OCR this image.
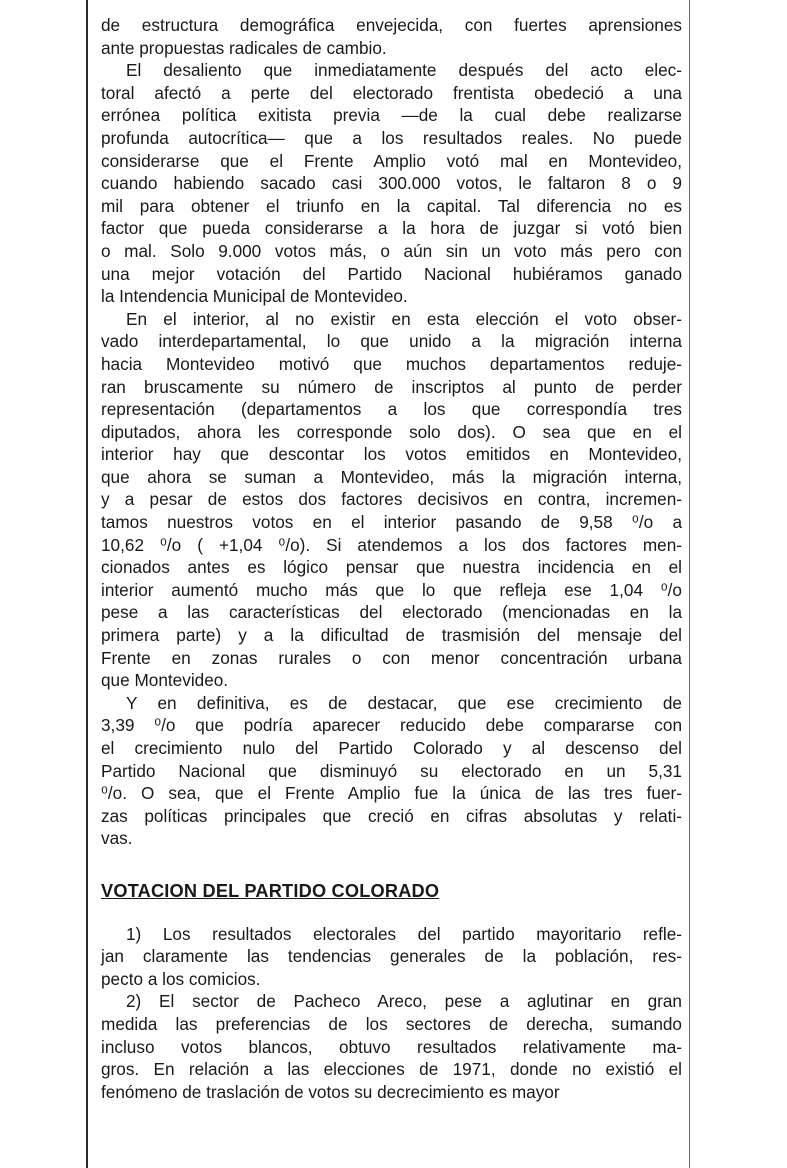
de estructura demográfica envejecida, con fuertes aprensiones
ante propuestas radicales de cambio.

El desaliento que inmediatamente después del acto elec-
toral afectó a perte del electorado frentista obedeció a una
errónea política exitista previa —de la cual debe realizarse
profunda autocrítica— que a los resultados reales. No puede
considerarse que el Frente Amplio votó mal en Montevideo,
cuando habiendo sacado casi 300.000 votos, le faltaron 8 o 9
mil para obtener el triunfo en la capital. Tal diferencia no es
factor que pueda considerarse a la hora de juzgar si votó bien
o mal. Solo 9.000 votos más, o aún sin un voto más pero con
una mejor votación del Partido Nacional hubiéramos ganado
la Intendencia Municipal de Montevideo.

En el interior, al no existir en esta elección el voto obser-
vado interdepartamental, lo que unido a la migración interna
hacia Montevideo motivó que muchos departamentos reduje-
ran bruscamente su número de inscriptos al punto de perder
representación (departamentos a los que correspondía tres
diputados, ahora les corresponde solo dos). O sea que en el
interior hay que descontar los votos emitidos en Montevideo,
que ahora se suman a Montevideo, más la migración interna,
y a pesar de estos dos factores decisivos en contra, incremen-
tamos nuestros votos en el interior pasando de 9,58 ⁰/o a
10,62 ⁰/o ( +1,04 ⁰/o). Si atendemos a los dos factores men-
cionados antes es lógico pensar que nuestra incidencia en el
interior aumentó mucho más que lo que refleja ese 1,04 ⁰/o
pese a las características del electorado (mencionadas en la
primera parte) y a la dificultad de trasmisión del mensaje del
Frente en zonas rurales o con menor concentración urbana
que Montevideo.

Y en definitiva, es de destacar, que ese crecimiento de
3,39 ⁰/o que podría aparecer reducido debe compararse con
el crecimiento nulo del Partido Colorado y al descenso del
Partido Nacional que disminuyó su electorado en un 5,31
⁰/o. O sea, que el Frente Amplio fue la única de las tres fuer-
zas políticas principales que creció en cifras absolutas y relati-
vas.

VOTACION DEL PARTIDO COLORADO

1) Los resultados electorales del partido mayoritario refle-
jan claramente las tendencias generales de la población, res-
pecto a los comicios.

2) El sector de Pacheco Areco, pese a aglutinar en gran
medida las preferencias de los sectores de derecha, sumando
incluso votos blancos, obtuvo resultados relativamente ma-
gros. En relación a las elecciones de 1971, donde no existió el
fenómeno de traslación de votos su decrecimiento es mayor
